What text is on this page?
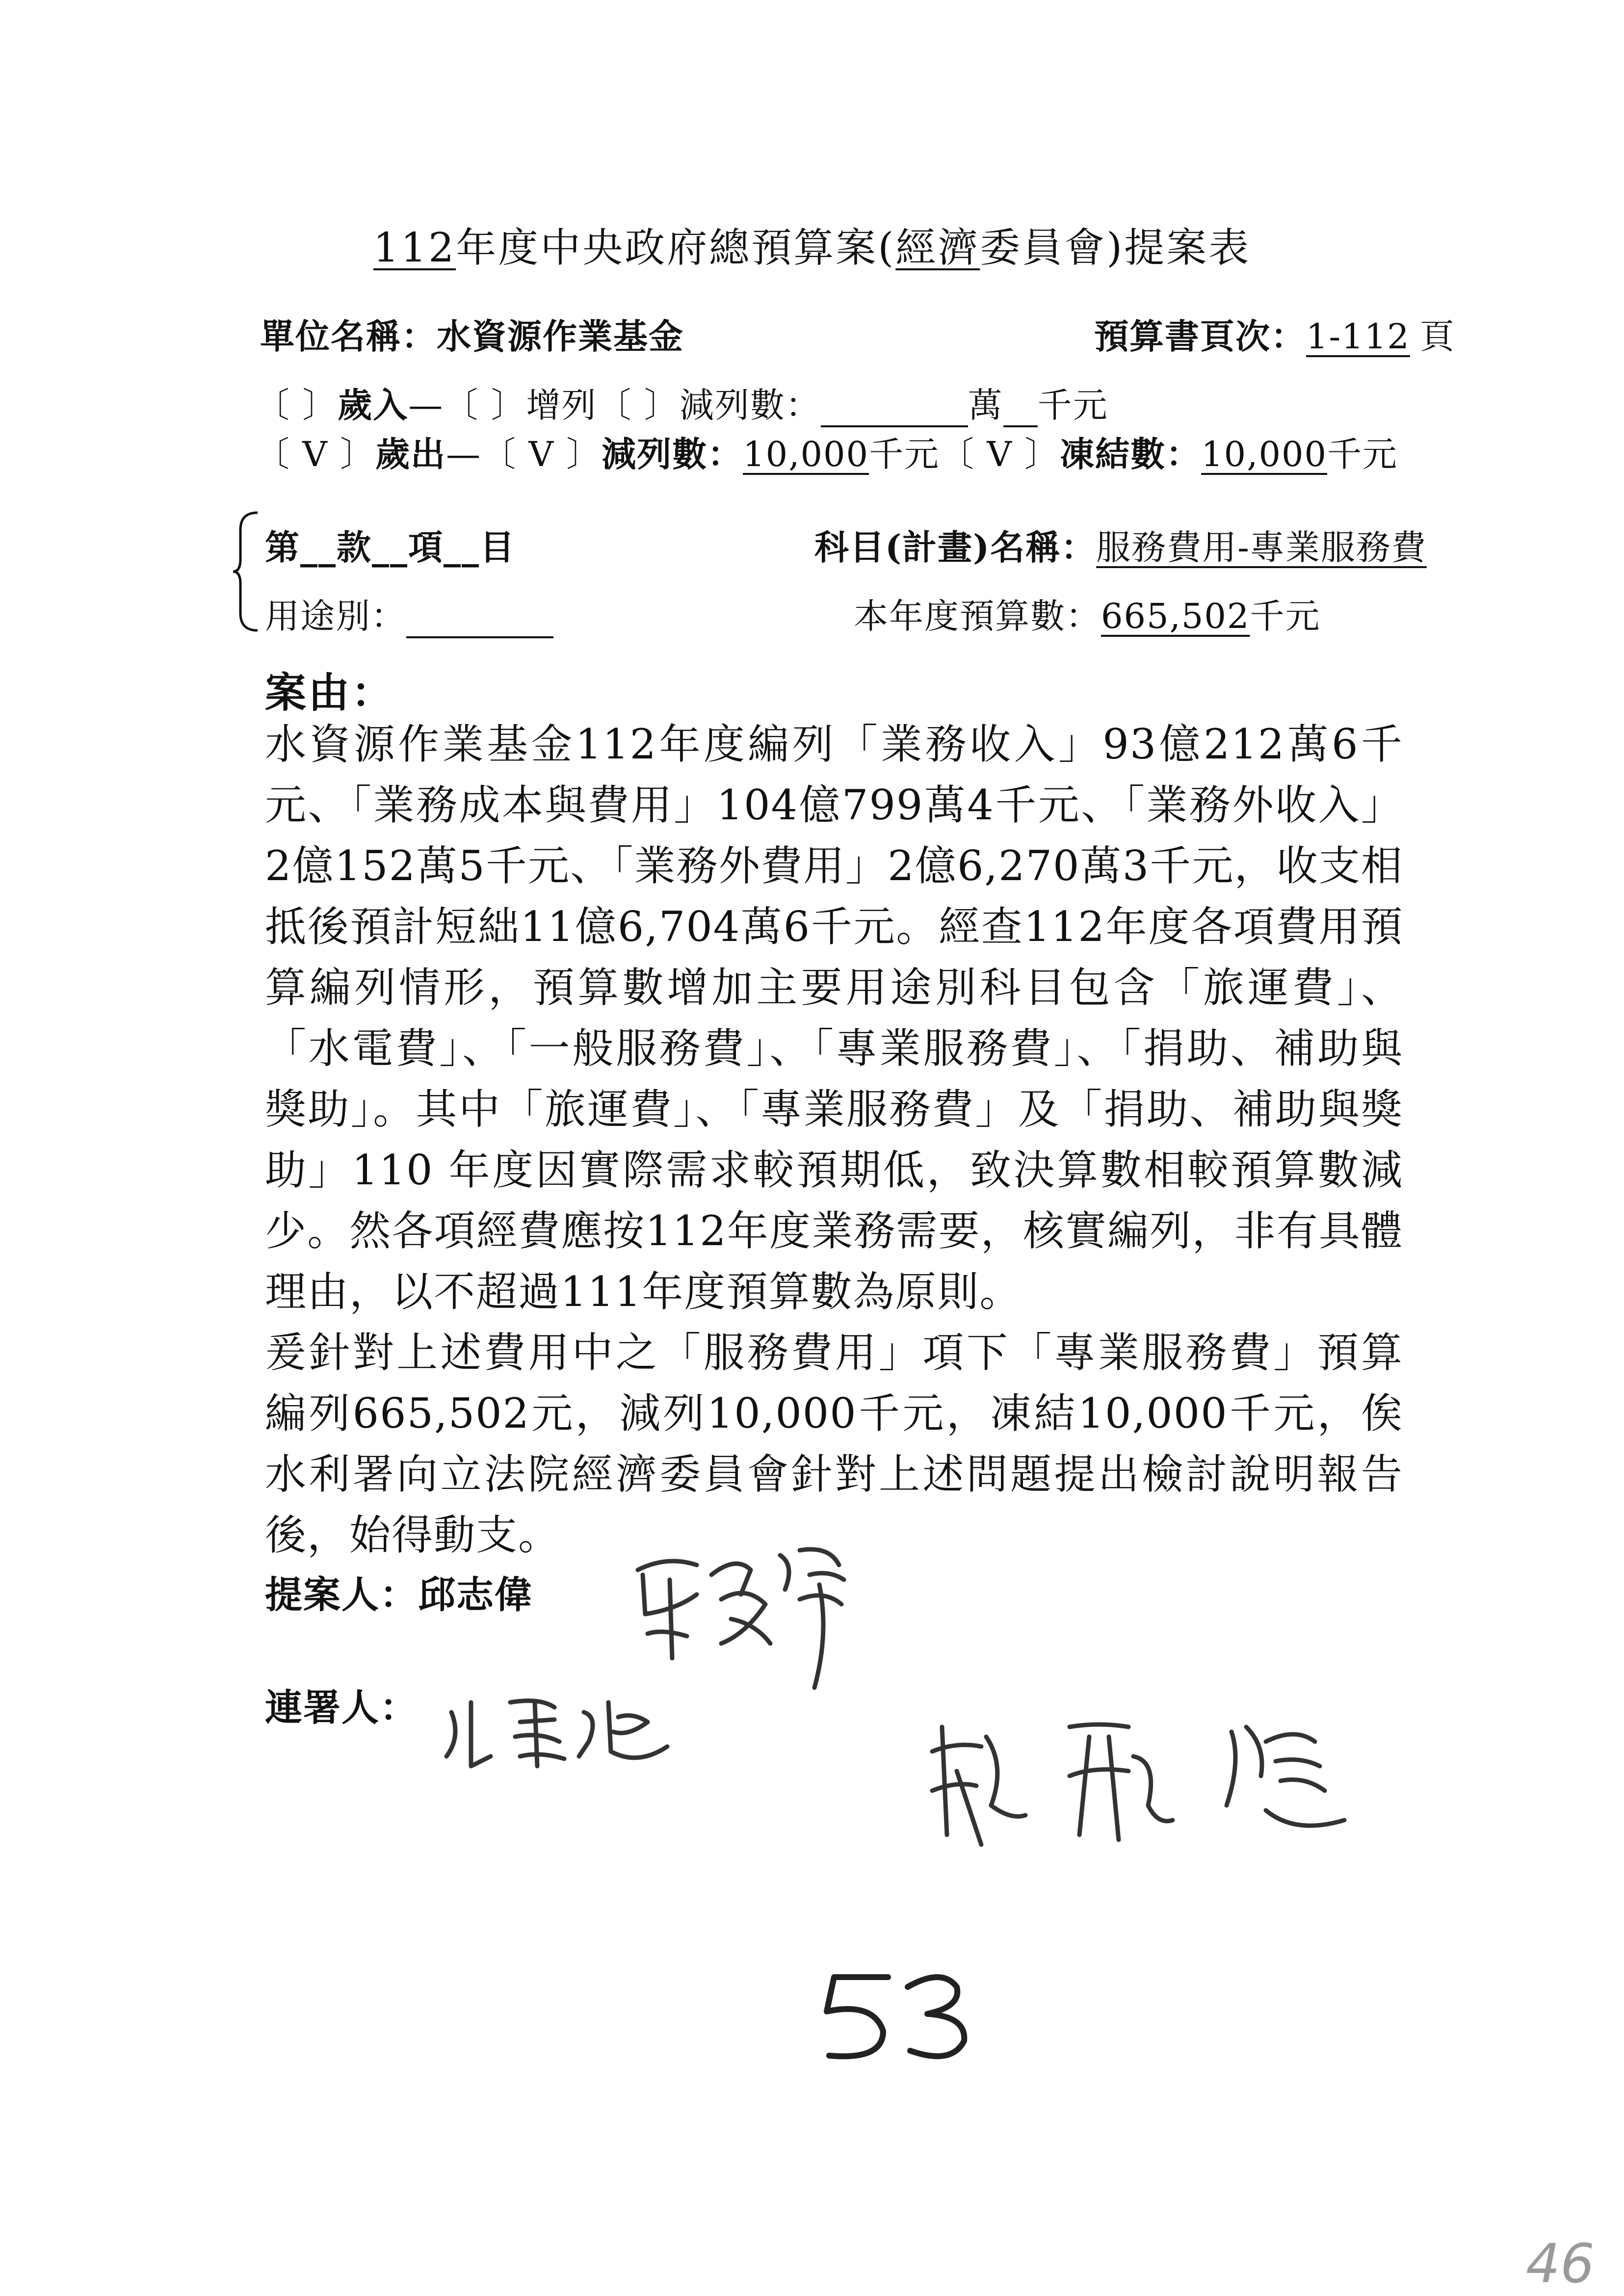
112年度中央政府總預算案(經濟委員會)提案表
單位名稱：水資源作業基金	預算書頁次：1-112 頁
〔 〕歲入—〔 〕增列〔 〕減列數：	萬 千元
〔 V 〕歲出—〔 V 〕減列數：10,000千元〔 V 〕凍結數：10,000千元
第__款__項__目	科目(計畫)名稱：服務費用-專業服務費
用途別：	本年度預算數：665,502千元
案由：

水資源作業基金112年度編列「業務收入」93億212萬6千元、「業務成本與費用」104億799萬4千元、「業務外收入」2億152萬5千元、「業務外費用」2億6,270萬3千元，收支相抵後預計短絀11億6,704萬6千元。經查112年度各項費用預算編列情形，預算數增加主要用途別科目包含「旅運費」、「水電費」、「一般服務費」、「專業服務費」、「捐助、補助與獎助」。其中「旅運費」、「專業服務費」及「捐助、補助與獎助」110 年度因實際需求較預期低，致決算數相較預算數減少。然各項經費應按112年度業務需要，核實編列，非有具體理由，以不超過111年度預算數為原則。

爰針對上述費用中之「服務費用」項下「專業服務費」預算編列665,502元，減列10,000千元，凍結10,000千元，俟水利署向立法院經濟委員會針對上述問題提出檢討說明報告後，始得動支。

提案人：邱志偉
連署人：
46
